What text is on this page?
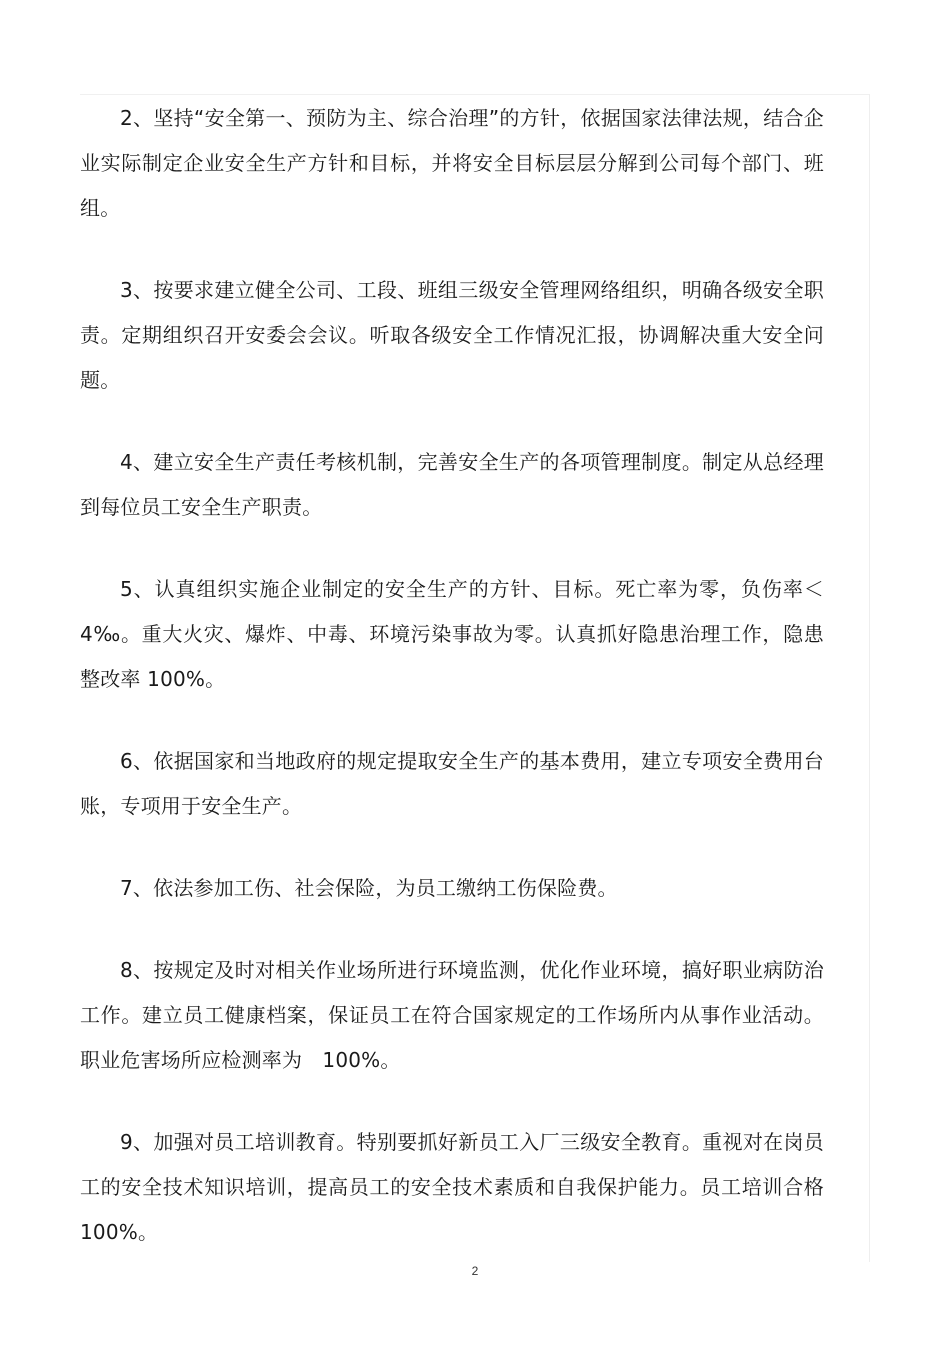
2、坚持“安全第一、预防为主、综合治理”的方针，依据国家法律法规，结合企业实际制定企业安全生产方针和目标，并将安全目标层层分解到公司每个部门、班组。

3、按要求建立健全公司、工段、班组三级安全管理网络组织，明确各级安全职责。定期组织召开安委会会议。听取各级安全工作情况汇报，协调解决重大安全问题。

4、建立安全生产责任考核机制，完善安全生产的各项管理制度。制定从总经理到每位员工安全生产职责。

5、认真组织实施企业制定的安全生产的方针、目标。死亡率为零，负伤率＜4‰。重大火灾、爆炸、中毒、环境污染事故为零。认真抓好隐患治理工作，隐患整改率 100%。

6、依据国家和当地政府的规定提取安全生产的基本费用，建立专项安全费用台账，专项用于安全生产。

7、依法参加工伤、社会保险，为员工缴纳工伤保险费。

8、按规定及时对相关作业场所进行环境监测，优化作业环境，搞好职业病防治工作。建立员工健康档案，保证员工在符合国家规定的工作场所内从事作业活动。职业危害场所应检测率为　100%。

9、加强对员工培训教育。特别要抓好新员工入厂三级安全教育。重视对在岗员工的安全技术知识培训，提高员工的安全技术素质和自我保护能力。员工培训合格 100%。

2
